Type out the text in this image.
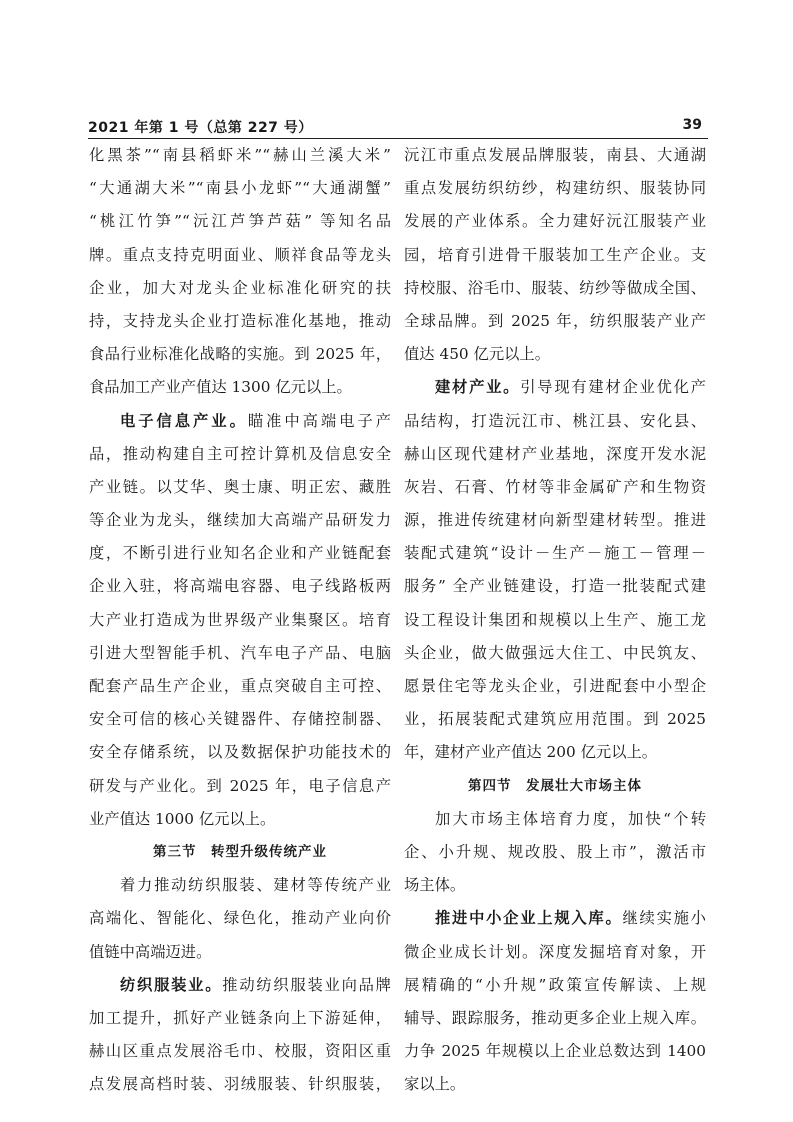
2021 年第 1 号（总第 227 号）	39
化黑茶”“南县稻虾米”“赫山兰溪大米”
“大通湖大米”“南县小龙虾”“大通湖蟹”
“桃江竹笋”“沅江芦笋芦菇” 等知名品
牌。重点支持克明面业、顺祥食品等龙头
企业，加大对龙头企业标准化研究的扶
持，支持龙头企业打造标准化基地，推动
食品行业标准化战略的实施。到 2025 年，
食品加工产业产值达 1300 亿元以上。
电子信息产业。瞄准中高端电子产
品，推动构建自主可控计算机及信息安全
产业链。以艾华、奥士康、明正宏、藏胜
等企业为龙头，继续加大高端产品研发力
度，不断引进行业知名企业和产业链配套
企业入驻，将高端电容器、电子线路板两
大产业打造成为世界级产业集聚区。培育
引进大型智能手机、汽车电子产品、电脑
配套产品生产企业，重点突破自主可控、
安全可信的核心关键器件、存储控制器、
安全存储系统，以及数据保护功能技术的
研发与产业化。到 2025 年，电子信息产
业产值达 1000 亿元以上。
第三节　转型升级传统产业
着力推动纺织服装、建材等传统产业
高端化、智能化、绿色化，推动产业向价
值链中高端迈进。
纺织服装业。推动纺织服装业向品牌
加工提升，抓好产业链条向上下游延伸，
赫山区重点发展浴毛巾、校服，资阳区重
点发展高档时装、羽绒服装、针织服装，
沅江市重点发展品牌服装，南县、大通湖
重点发展纺织纺纱，构建纺织、服装协同
发展的产业体系。全力建好沅江服装产业
园，培育引进骨干服装加工生产企业。支
持校服、浴毛巾、服装、纺纱等做成全国、
全球品牌。到 2025 年，纺织服装产业产
值达 450 亿元以上。
建材产业。引导现有建材企业优化产
品结构，打造沅江市、桃江县、安化县、
赫山区现代建材产业基地，深度开发水泥
灰岩、石膏、竹材等非金属矿产和生物资
源，推进传统建材向新型建材转型。推进
装配式建筑“设计－生产－施工－管理－
服务” 全产业链建设，打造一批装配式建
设工程设计集团和规模以上生产、施工龙
头企业，做大做强远大住工、中民筑友、
愿景住宅等龙头企业，引进配套中小型企
业，拓展装配式建筑应用范围。到 2025
年，建材产业产值达 200 亿元以上。
第四节　发展壮大市场主体
加大市场主体培育力度，加快“个转
企、小升规、规改股、股上市”，激活市
场主体。
推进中小企业上规入库。继续实施小
微企业成长计划。深度发掘培育对象，开
展精确的“小升规”政策宣传解读、上规
辅导、跟踪服务，推动更多企业上规入库。
力争 2025 年规模以上企业总数达到 1400
家以上。
